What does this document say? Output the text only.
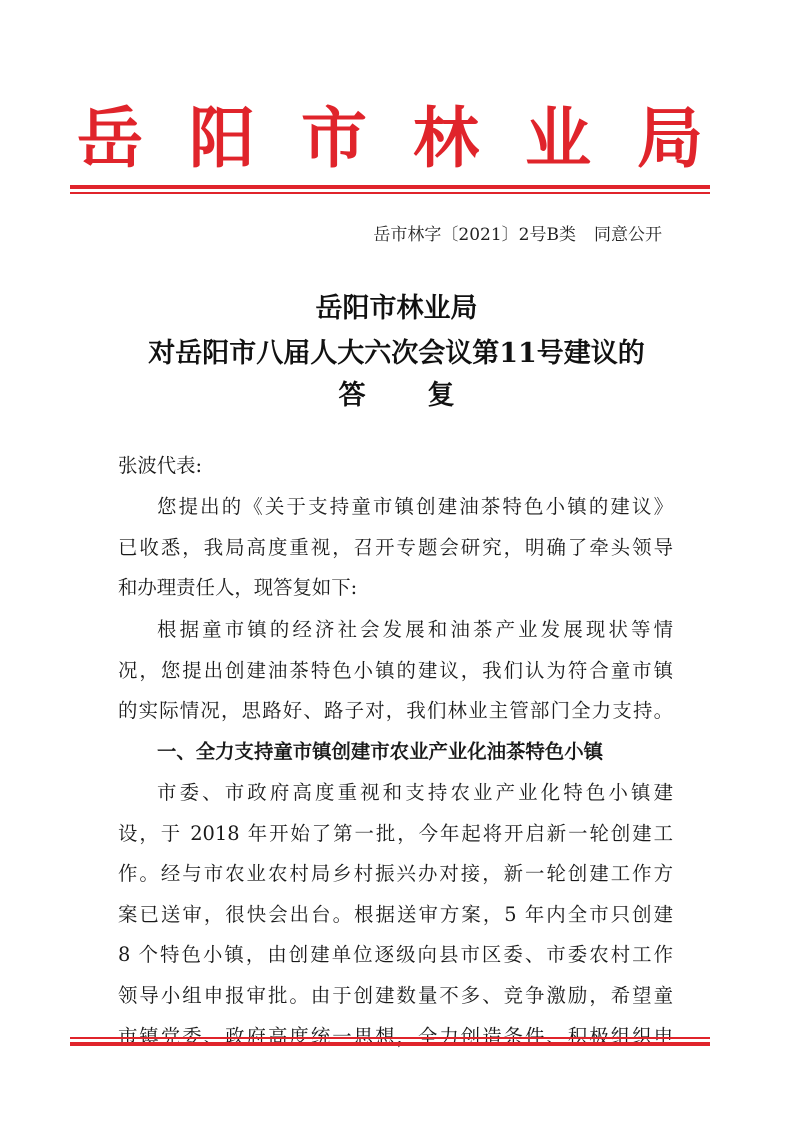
岳 阳 市 林 业 局
岳市林字〔2021〕2号B类 同意公开
岳阳市林业局
对岳阳市八届人大六次会议第11号建议的
答复
张波代表:
您提出的《关于支持童市镇创建油茶特色小镇的建议》
已收悉，我局高度重视，召开专题会研究，明确了牵头领导
和办理责任人，现答复如下:
根据童市镇的经济社会发展和油茶产业发展现状等情
况，您提出创建油茶特色小镇的建议，我们认为符合童市镇
的实际情况，思路好、路子对，我们林业主管部门全力支持。
一、全力支持童市镇创建市农业产业化油茶特色小镇
市委、市政府高度重视和支持农业产业化特色小镇建
设，于 2018 年开始了第一批，今年起将开启新一轮创建工
作。经与市农业农村局乡村振兴办对接，新一轮创建工作方
案已送审，很快会出台。根据送审方案，5 年内全市只创建
8 个特色小镇，由创建单位逐级向县市区委、市委农村工作
领导小组申报审批。由于创建数量不多、竞争激励，希望童
